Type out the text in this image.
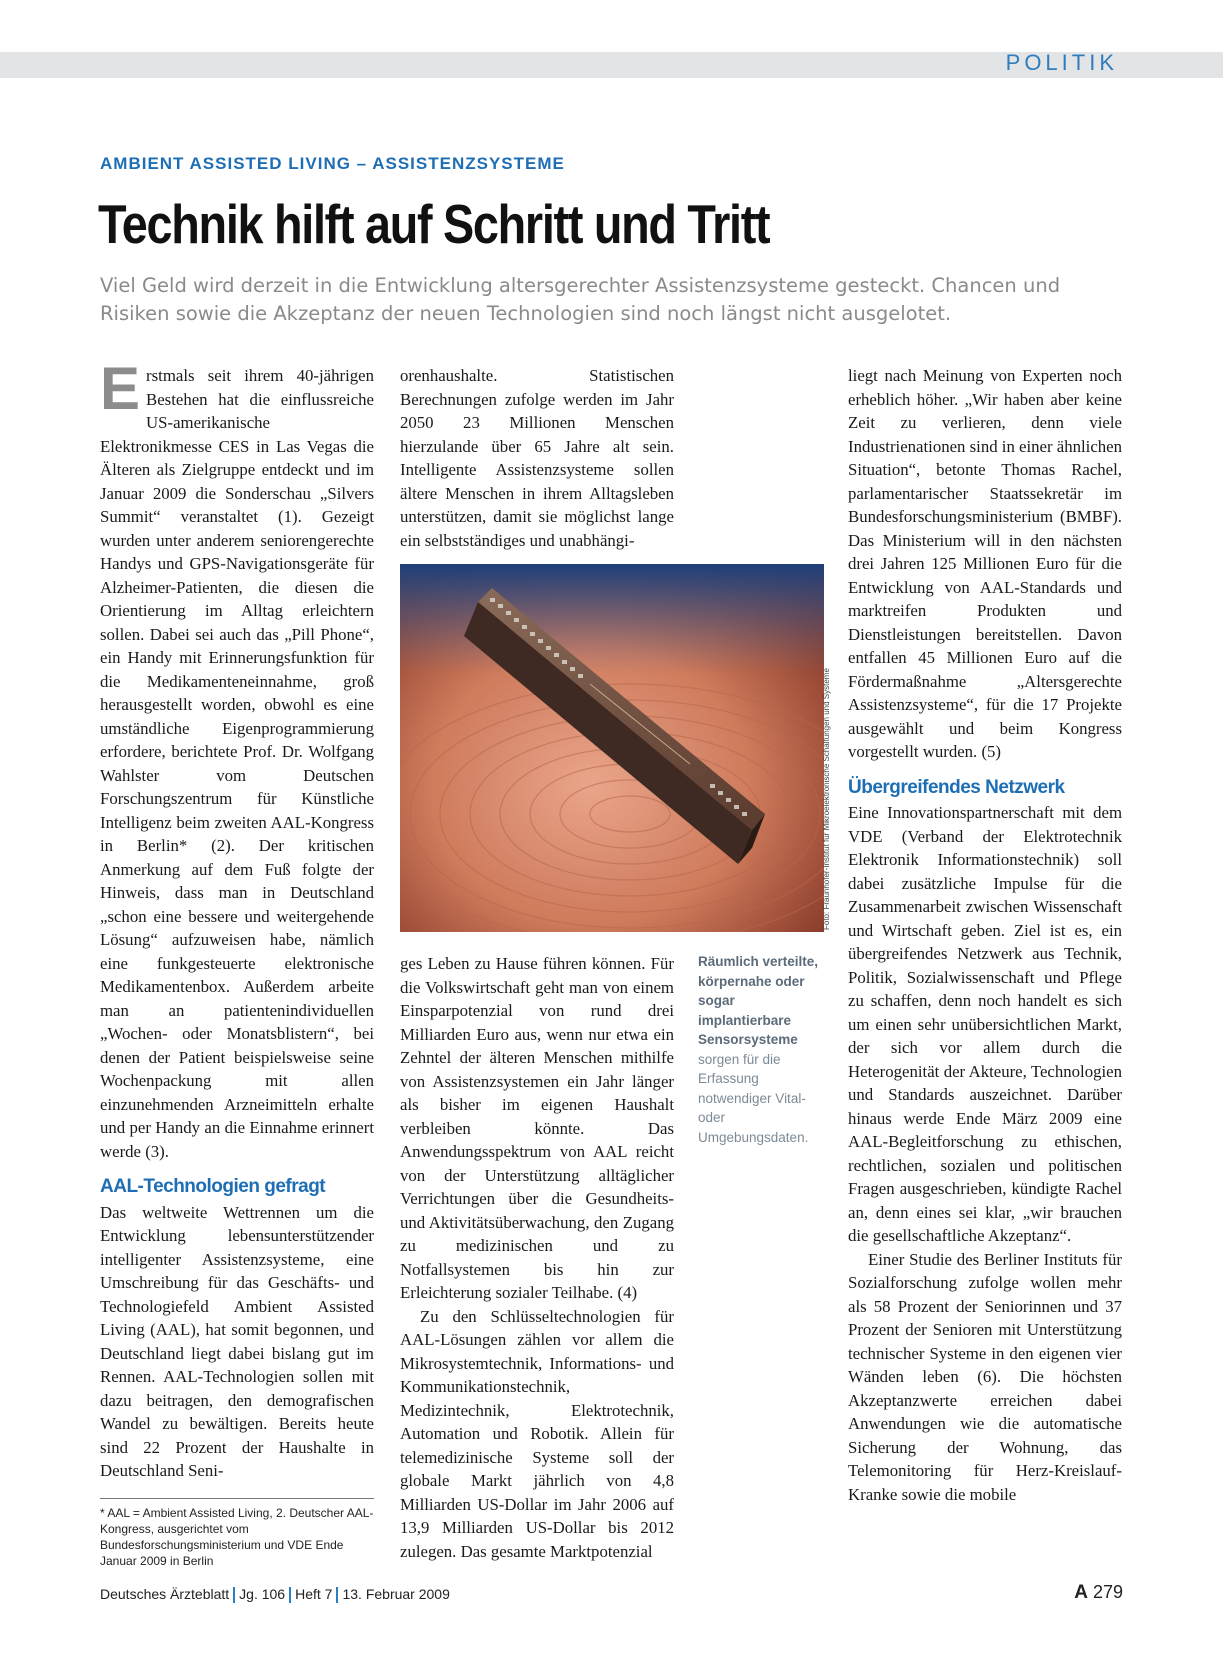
POLITIK
AMBIENT ASSISTED LIVING – ASSISTENZSYSTEME
Technik hilft auf Schritt und Tritt
Viel Geld wird derzeit in die Entwicklung altersgerechter Assistenzsysteme gesteckt. Chancen und Risiken sowie die Akzeptanz der neuen Technologien sind noch längst nicht ausgelotet.

Erstmals seit ihrem 40-jährigen Bestehen hat die einflussreiche US-amerikanische Elektronikmesse CES in Las Vegas die Älteren als Zielgruppe entdeckt und im Januar 2009 die Sonderschau „Silvers Summit“ veranstaltet (1). Gezeigt wurden unter anderem seniorengerechte Handys und GPS-Navigationsgeräte für Alzheimer-Patienten, die diesen die Orientierung im Alltag erleichtern sollen. Dabei sei auch das „Pill Phone“, ein Handy mit Erinnerungsfunktion für die Medikamenteneinnahme, groß herausgestellt worden, obwohl es eine umständliche Eigenprogrammierung erfordere, berichtete Prof. Dr. Wolfgang Wahlster vom Deutschen Forschungszentrum für Künstliche Intelligenz beim zweiten AAL-Kongress in Berlin* (2). Der kritischen Anmerkung auf dem Fuß folgte der Hinweis, dass man in Deutschland „schon eine bessere und weitergehende Lösung“ aufzuweisen habe, nämlich eine funkgesteuerte elektronische Medikamentenbox. Außerdem arbeite man an patientenindividuellen „Wochen- oder Monatsblistern“, bei denen der Patient beispielsweise seine Wochenpackung mit allen einzunehmenden Arzneimitteln erhalte und per Handy an die Einnahme erinnert werde (3).

AAL-Technologien gefragt

Das weltweite Wettrennen um die Entwicklung lebensunterstützender intelligenter Assistenzsysteme, eine Umschreibung für das Geschäfts- und Technologiefeld Ambient Assisted Living (AAL), hat somit begonnen, und Deutschland liegt dabei bislang gut im Rennen. AAL-Technologien sollen mit dazu beitragen, den demografischen Wandel zu bewältigen. Bereits heute sind 22 Prozent der Haushalte in Deutschland Seni-

* AAL = Ambient Assisted Living, 2. Deutscher AAL-Kongress, ausgerichtet vom Bundesforschungsministerium und VDE Ende Januar 2009 in Berlin

orenhaushalte. Statistischen Berechnungen zufolge werden im Jahr 2050 23 Millionen Menschen hierzulande über 65 Jahre alt sein. Intelligente Assistenzsysteme sollen ältere Menschen in ihrem Alltagsleben unterstützen, damit sie möglichst lange ein selbstständiges und unabhängi-

Foto: Fraunhofer-Institut für Mikroelektronische Schaltungen und Systeme
Räumlich verteilte, körpernahe oder sogar implantierbare Sensorsysteme sorgen für die Erfassung notwendiger Vital- oder Umgebungsdaten.

ges Leben zu Hause führen können. Für die Volkswirtschaft geht man von einem Einsparpotenzial von rund drei Milliarden Euro aus, wenn nur etwa ein Zehntel der älteren Menschen mithilfe von Assistenzsystemen ein Jahr länger als bisher im eigenen Haushalt verbleiben könnte. Das Anwendungsspektrum von AAL reicht von der Unterstützung alltäglicher Verrichtungen über die Gesundheits- und Aktivitätsüberwachung, den Zugang zu medizinischen und zu Notfallsystemen bis hin zur Erleichterung sozialer Teilhabe. (4)

Zu den Schlüsseltechnologien für AAL-Lösungen zählen vor allem die Mikrosystemtechnik, Informations- und Kommunikationstechnik, Medizintechnik, Elektrotechnik, Automation und Robotik. Allein für telemedizinische Systeme soll der globale Markt jährlich von 4,8 Milliarden US-Dollar im Jahr 2006 auf 13,9 Milliarden US-Dollar bis 2012 zulegen. Das gesamte Marktpotenzial

liegt nach Meinung von Experten noch erheblich höher. „Wir haben aber keine Zeit zu verlieren, denn viele Industrienationen sind in einer ähnlichen Situation“, betonte Thomas Rachel, parlamentarischer Staatssekretär im Bundesforschungsministerium (BMBF). Das Ministerium will in den nächsten drei Jahren 125 Millionen Euro für die Entwicklung von AAL-Standards und marktreifen Produkten und Dienstleistungen bereitstellen. Davon entfallen 45 Millionen Euro auf die Fördermaßnahme „Altersgerechte Assistenzsysteme“, für die 17 Projekte ausgewählt und beim Kongress vorgestellt wurden. (5)

Übergreifendes Netzwerk

Eine Innovationspartnerschaft mit dem VDE (Verband der Elektrotechnik Elektronik Informationstechnik) soll dabei zusätzliche Impulse für die Zusammenarbeit zwischen Wissenschaft und Wirtschaft geben. Ziel ist es, ein übergreifendes Netzwerk aus Technik, Politik, Sozialwissenschaft und Pflege zu schaffen, denn noch handelt es sich um einen sehr unübersichtlichen Markt, der sich vor allem durch die Heterogenität der Akteure, Technologien und Standards auszeichnet. Darüber hinaus werde Ende März 2009 eine AAL-Begleitforschung zu ethischen, rechtlichen, sozialen und politischen Fragen ausgeschrieben, kündigte Rachel an, denn eines sei klar, „wir brauchen die gesellschaftliche Akzeptanz“.

Einer Studie des Berliner Instituts für Sozialforschung zufolge wollen mehr als 58 Prozent der Seniorinnen und 37 Prozent der Senioren mit Unterstützung technischer Systeme in den eigenen vier Wänden leben (6). Die höchsten Akzeptanzwerte erreichen dabei Anwendungen wie die automatische Sicherung der Wohnung, das Telemonitoring für Herz-Kreislauf-Kranke sowie die mobile

Deutsches Ärzteblatt Jg. 106 Heft 7 13. Februar 2009	A 279
